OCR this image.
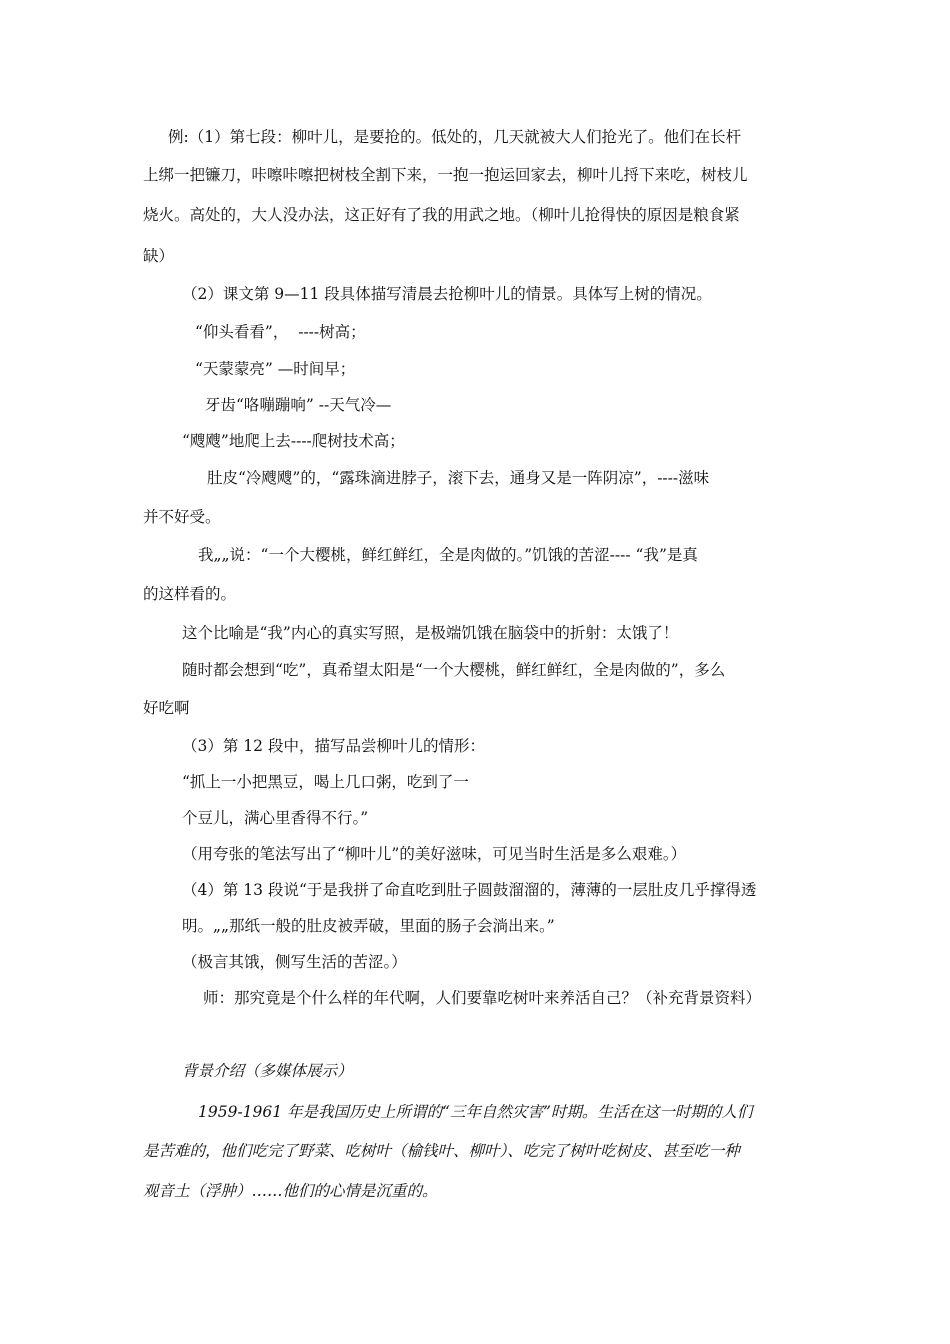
例:（1）第七段：柳叶儿，是要抢的。低处的，几天就被大人们抢光了。他们在长杆

上绑一把镰刀，咔嚓咔嚓把树枝全割下来，一抱一抱运回家去，柳叶儿捋下来吃，树枝儿

烧火。高处的，大人没办法，这正好有了我的用武之地。（柳叶儿抢得快的原因是粮食紧

缺）

（2）课文第 9—11 段具体描写清晨去抢柳叶儿的情景。具体写上树的情况。

“仰头看看”，  ----树高；

“天蒙蒙亮” —时间早；

牙齿“咯嘣蹦响” --天气冷—

“飕飕”地爬上去----爬树技术高；

肚皮“冷飕飕”的，“露珠滴进脖子，滚下去，通身又是一阵阴凉”，----滋味

并不好受。

我„„说：“一个大樱桃，鲜红鲜红，全是肉做的。”饥饿的苦涩---- “我”是真

的这样看的。

这个比喻是“我”内心的真实写照，是极端饥饿在脑袋中的折射：太饿了！

随时都会想到“吃”，真希望太阳是“一个大樱桃，鲜红鲜红，全是肉做的”，多么

好吃啊

（3）第 12 段中，描写品尝柳叶儿的情形：

“抓上一小把黑豆，喝上几口粥，吃到了一

个豆儿，满心里香得不行。”

（用夸张的笔法写出了“柳叶儿”的美好滋味，可见当时生活是多么艰难。）

（4）第 13 段说“于是我拼了命直吃到肚子圆鼓溜溜的，薄薄的一层肚皮几乎撑得透

明。„„那纸一般的肚皮被弄破，里面的肠子会淌出来。”

（极言其饿，侧写生活的苦涩。）

师：那究竟是个什么样的年代啊，人们要靠吃树叶来养活自己？（补充背景资料）

背景介绍（多媒体展示）

1959-1961 年是我国历史上所谓的“三年自然灾害”时期。生活在这一时期的人们

是苦难的，他们吃完了野菜、吃树叶（榆钱叶、柳叶）、吃完了树叶吃树皮、甚至吃一种

观音土（浮肿）……他们的心情是沉重的。
